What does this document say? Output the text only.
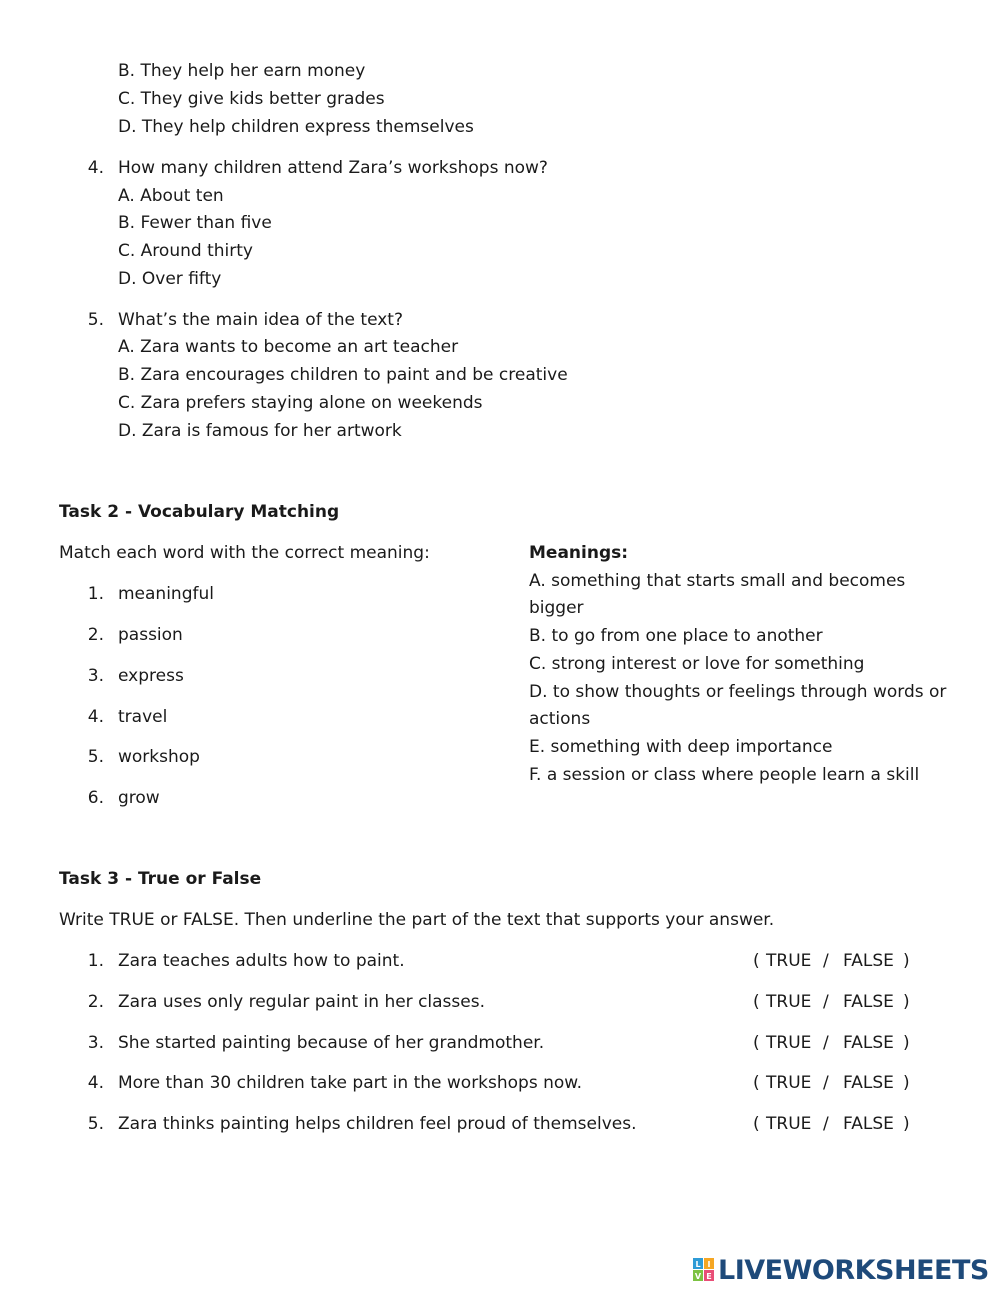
B. They help her earn money
C. They give kids better grades
D. They help children express themselves
4. How many children attend Zara’s workshops now?
A. About ten
B. Fewer than five
C. Around thirty
D. Over fifty
5. What’s the main idea of the text?
A. Zara wants to become an art teacher
B. Zara encourages children to paint and be creative
C. Zara prefers staying alone on weekends
D. Zara is famous for her artwork
Task 2 - Vocabulary Matching
Match each word with the correct meaning:
1. meaningful
2. passion
3. express
4. travel
5. workshop
6. grow
Meanings:
A. something that starts small and becomes
bigger
B. to go from one place to another
C. strong interest or love for something
D. to show thoughts or feelings through words or
actions
E. something with deep importance
F. a session or class where people learn a skill
Task 3 - True or False
Write TRUE or FALSE. Then underline the part of the text that supports your answer.
1. Zara teaches adults how to paint.	( TRUE / FALSE )
2. Zara uses only regular paint in her classes.	( TRUE / FALSE )
3. She started painting because of her grandmother.	( TRUE / FALSE )
4. More than 30 children take part in the workshops now.	( TRUE / FALSE )
5. Zara thinks painting helps children feel proud of themselves.	( TRUE / FALSE )
L I
V E LIVEWORKSHEETS
